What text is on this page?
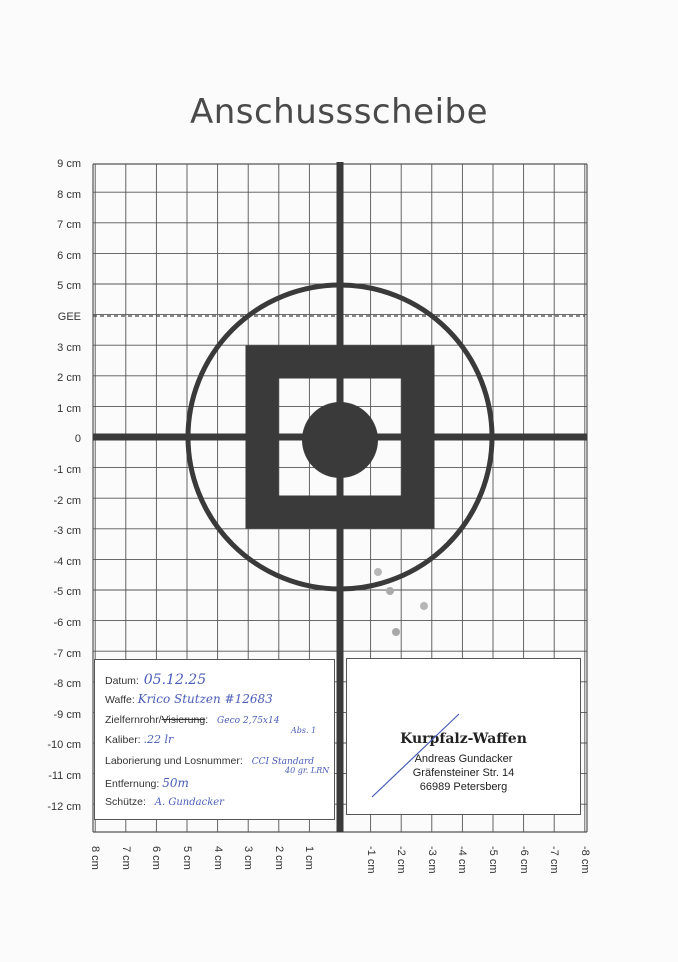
Anschussscheibe
9 cm
8 cm
7 cm
6 cm
5 cm
GEE
3 cm
2 cm
1 cm
0
-1 cm
-2 cm
-3 cm
-4 cm
-5 cm
-6 cm
-7 cm
-8 cm
-9 cm
-10 cm
-11 cm
-12 cm
8 cm 7 cm 6 cm 5 cm 4 cm 3 cm 2 cm 1 cm	-1 cm -2 cm -3 cm -4 cm -5 cm -6 cm -7 cm -8 cm
Datum: 05.12.25
Waffe: Krico Stutzen #12683
Zielfernrohr/Visierung: Geco 2,75x14
Abs. 1
Kaliber: .22 lr
Laborierung und Losnummer: CCI Standard
40 gr. LRN
Entfernung: 50m
Schütze: A. Gundacker
Kurpfalz-Waffen
Andreas Gundacker
Gräfensteiner Str. 14
66989 Petersberg
